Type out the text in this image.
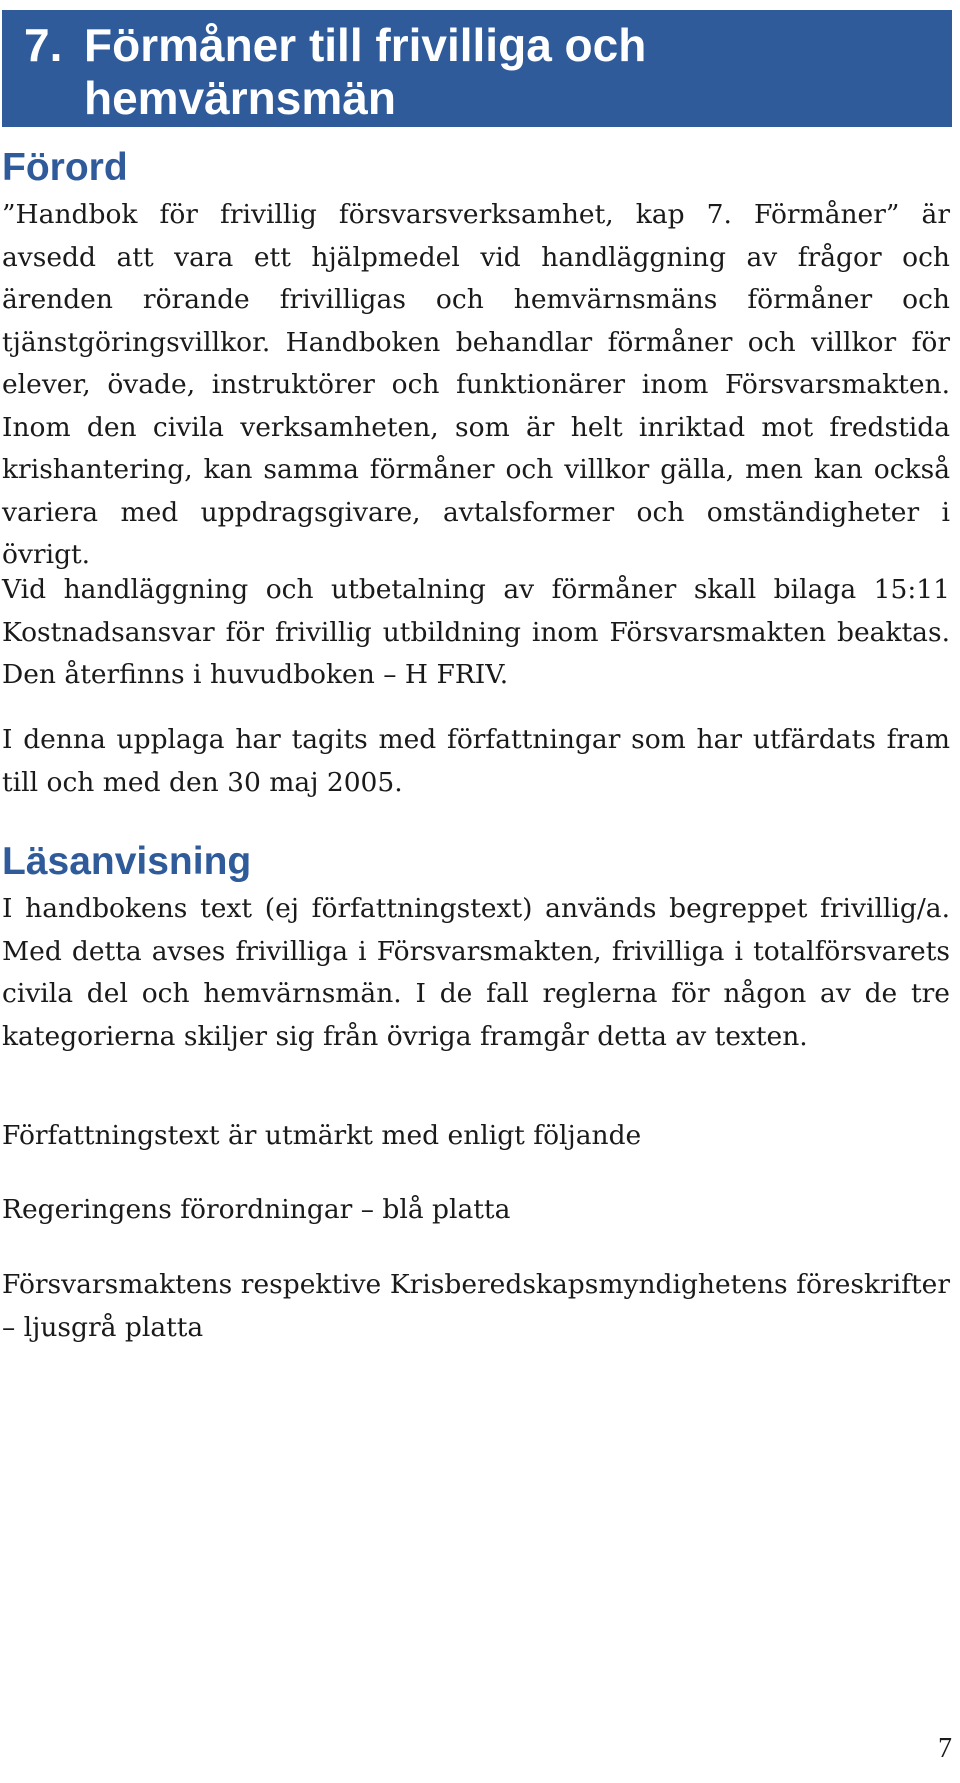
7. Förmåner till frivilliga och hemvärnsmän
Förord

”Handbok för frivillig försvarsverksamhet, kap 7. Förmåner” är avsedd att vara ett hjälpmedel vid handläggning av frågor och ärenden rörande frivilligas och hemvärnsmäns förmåner och tjänstgöringsvillkor. Handboken behandlar förmåner och villkor för elever, övade, instruktörer och funktionärer inom Försvarsmakten. Inom den civila verksamheten, som är helt inriktad mot fredstida krishantering, kan samma förmåner och villkor gälla, men kan också variera med uppdragsgivare, avtalsformer och omständigheter i övrigt.

Vid handläggning och utbetalning av förmåner skall bilaga 15:11 Kostnadsansvar för frivillig utbildning inom Försvarsmakten beaktas. Den återfinns i huvudboken – H FRIV.

I denna upplaga har tagits med författningar som har utfärdats fram till och med den 30 maj 2005.

Läsanvisning

I handbokens text (ej författningstext) används begreppet frivillig/a. Med detta avses frivilliga i Försvarsmakten, frivilliga i totalförsvarets civila del och hemvärnsmän. I de fall reglerna för någon av de tre kategorierna skiljer sig från övriga framgår detta av texten.

Författningstext är utmärkt med enligt följande

Regeringens förordningar – blå platta

Försvarsmaktens respektive Krisberedskapsmyndighetens föreskrifter – ljusgrå platta

7
